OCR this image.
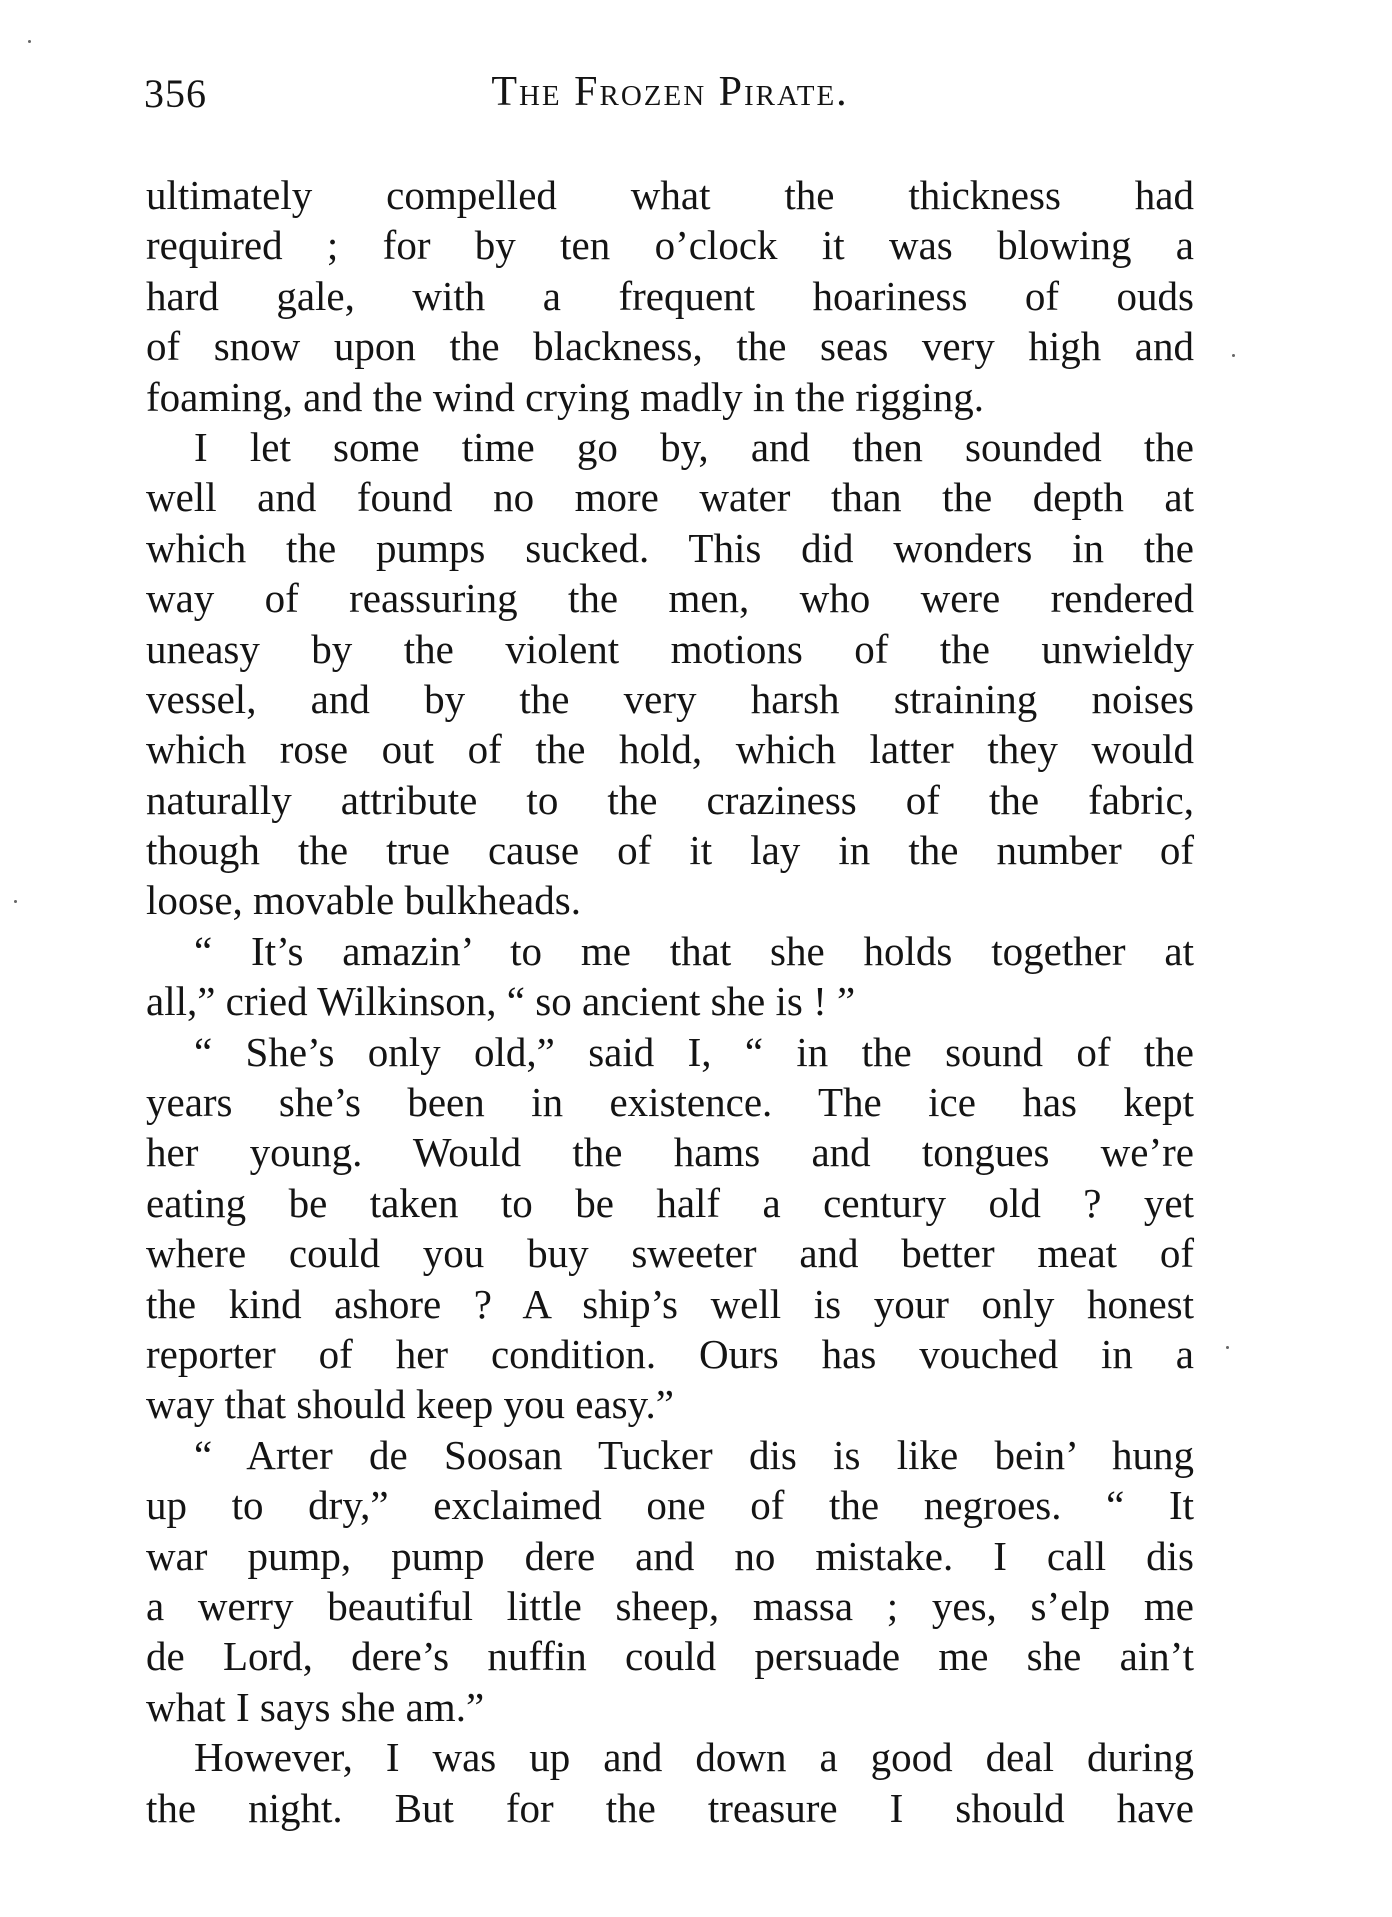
356	The Frozen Pirate.
ultimately compelled what the thickness had
required ; for by ten o’clock it was blowing a
hard gale, with a frequent hoariness of ouds
of snow upon the blackness, the seas very high and
foaming, and the wind crying madly in the rigging.
I let some time go by, and then sounded the
well and found no more water than the depth at
which the pumps sucked. This did wonders in the
way of reassuring the men, who were rendered
uneasy by the violent motions of the unwieldy
vessel, and by the very harsh straining noises
which rose out of the hold, which latter they would
naturally attribute to the craziness of the fabric,
though the true cause of it lay in the number of
loose, movable bulkheads.
“ It’s amazin’ to me that she holds together at
all,” cried Wilkinson, “ so ancient she is ! ”
“ She’s only old,” said I, “ in the sound of the
years she’s been in existence. The ice has kept
her young. Would the hams and tongues we’re
eating be taken to be half a century old ? yet
where could you buy sweeter and better meat of
the kind ashore ? A ship’s well is your only honest
reporter of her condition. Ours has vouched in a
way that should keep you easy.”
“ Arter de Soosan Tucker dis is like bein’ hung
up to dry,” exclaimed one of the negroes. “ It
war pump, pump dere and no mistake. I call dis
a werry beautiful little sheep, massa ; yes, s’elp me
de Lord, dere’s nuffin could persuade me she ain’t
what I says she am.”
However, I was up and down a good deal during
the night. But for the treasure I should have
